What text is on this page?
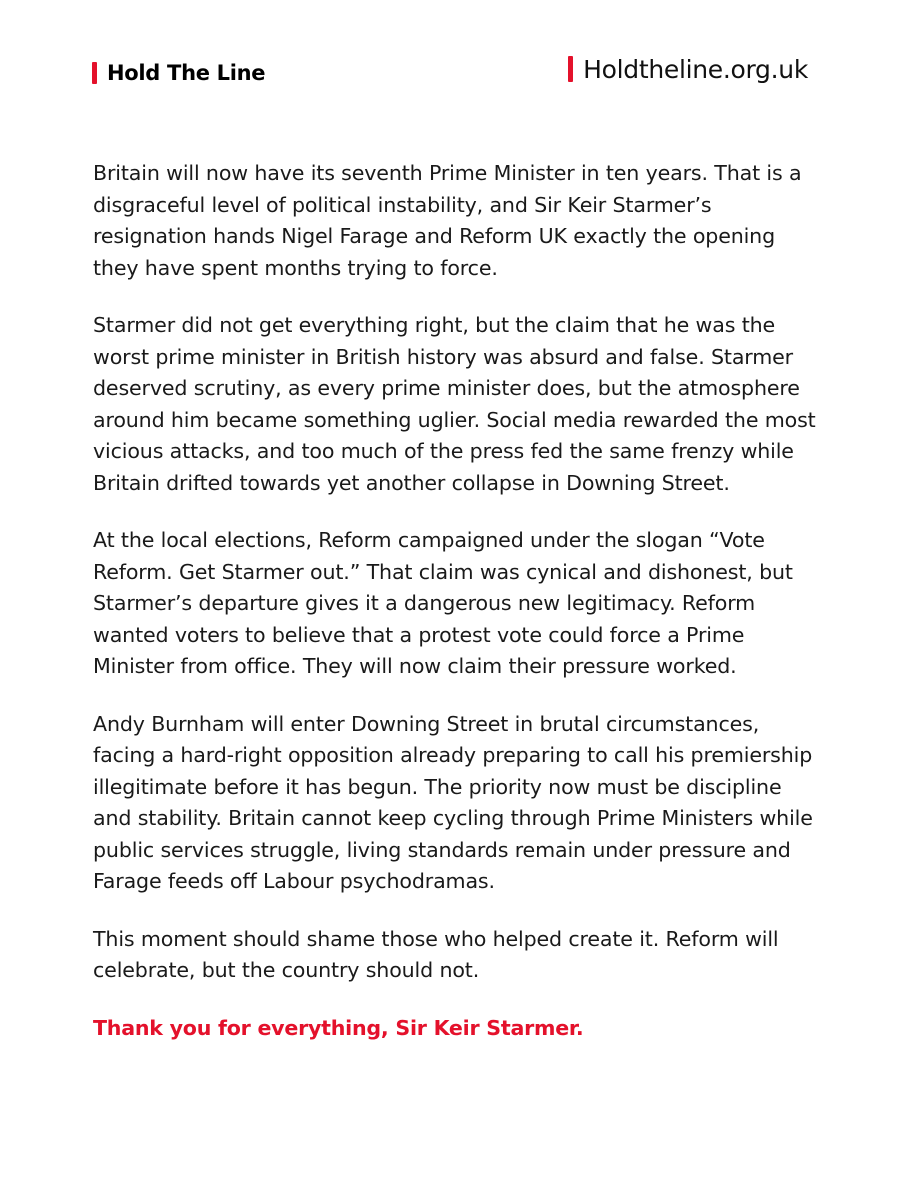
Hold The Line	Holdtheline.org.uk

Britain will now have its seventh Prime Minister in ten years. That is a disgraceful level of political instability, and Sir Keir Starmer’s resignation hands Nigel Farage and Reform UK exactly the opening they have spent months trying to force.

Starmer did not get everything right, but the claim that he was the worst prime minister in British history was absurd and false. Starmer deserved scrutiny, as every prime minister does, but the atmosphere around him became something uglier. Social media rewarded the most vicious attacks, and too much of the press fed the same frenzy while Britain drifted towards yet another collapse in Downing Street.

At the local elections, Reform campaigned under the slogan “Vote Reform. Get Starmer out.” That claim was cynical and dishonest, but Starmer’s departure gives it a dangerous new legitimacy. Reform wanted voters to believe that a protest vote could force a Prime Minister from office. They will now claim their pressure worked.

Andy Burnham will enter Downing Street in brutal circumstances, facing a hard-right opposition already preparing to call his premiership illegitimate before it has begun. The priority now must be discipline and stability. Britain cannot keep cycling through Prime Ministers while public services struggle, living standards remain under pressure and Farage feeds off Labour psychodramas.

This moment should shame those who helped create it. Reform will celebrate, but the country should not.

Thank you for everything, Sir Keir Starmer.
